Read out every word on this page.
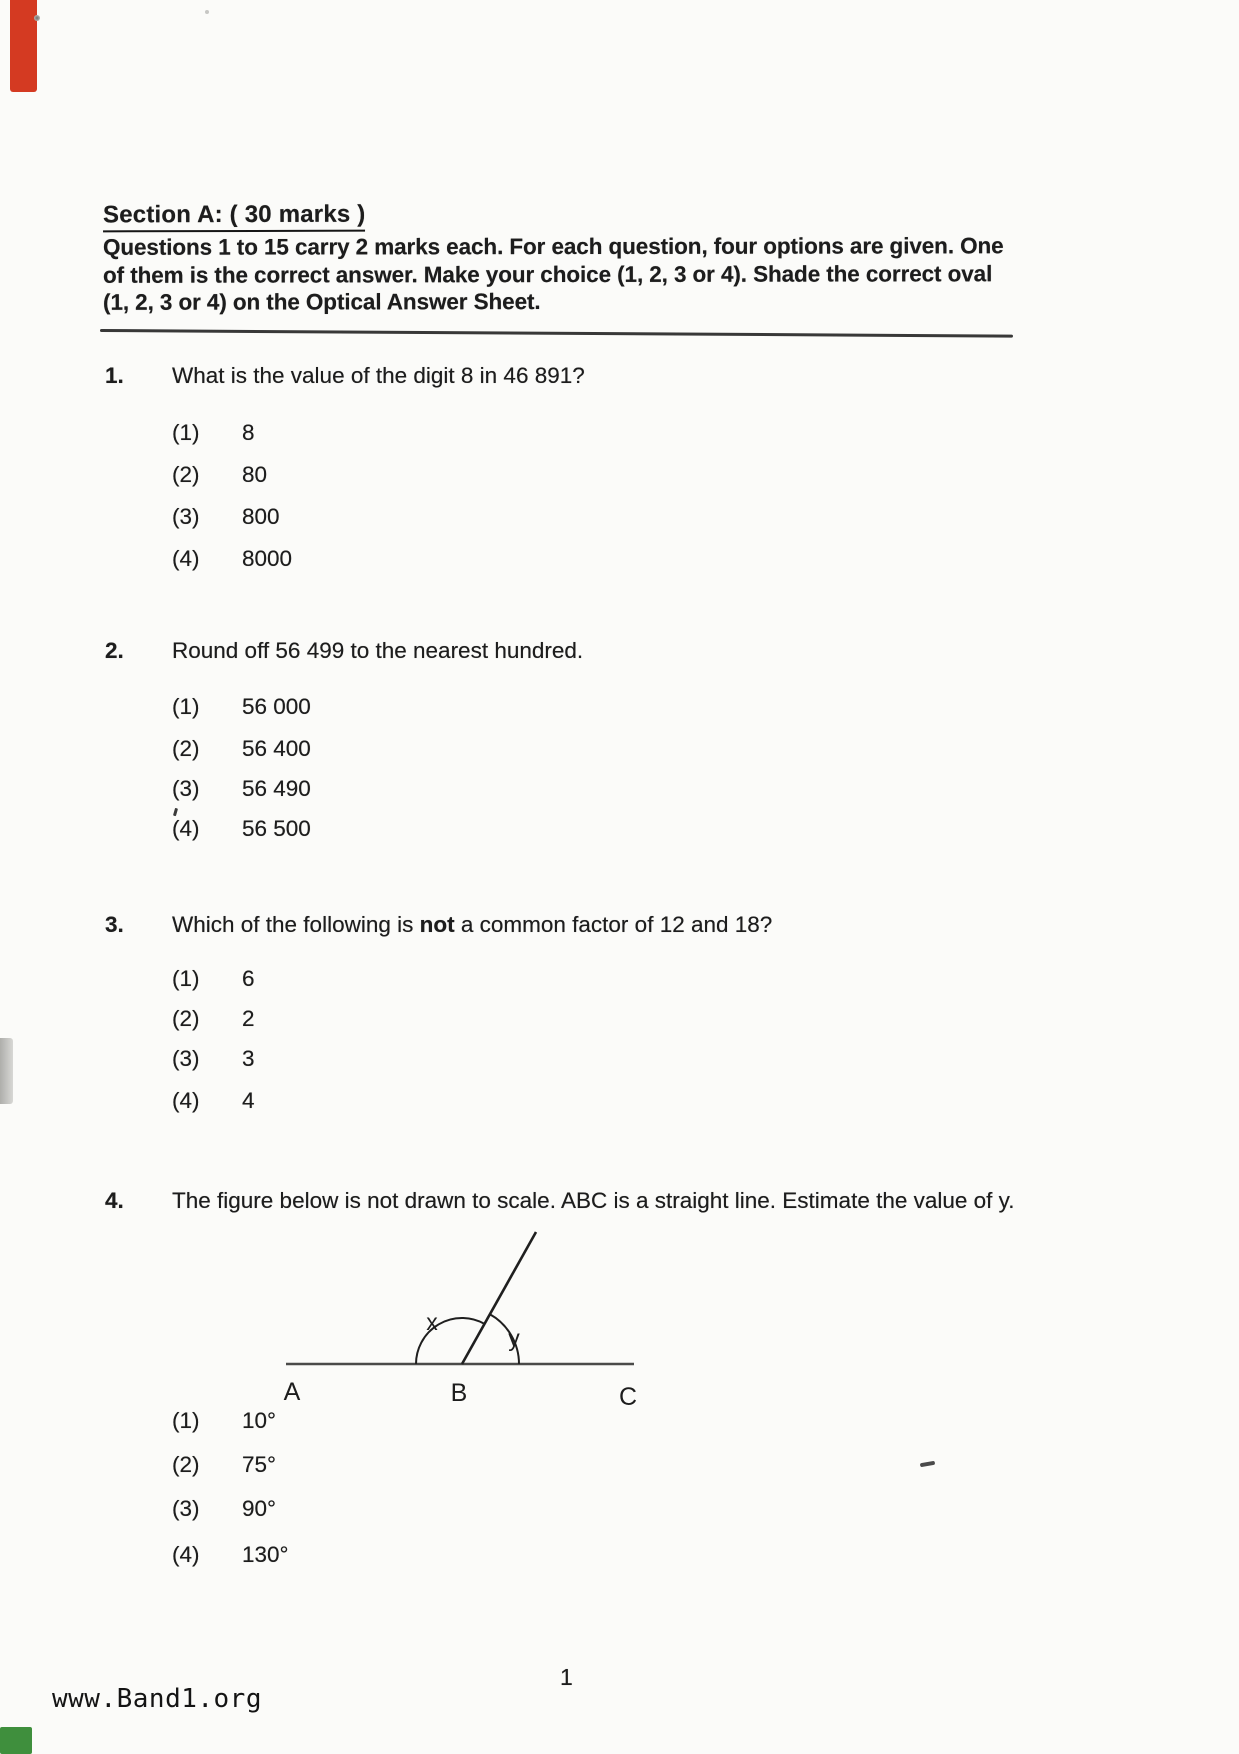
Section A: ( 30 marks )
Questions 1 to 15 carry 2 marks each. For each question, four options are given. One
of them is the correct answer. Make your choice (1, 2, 3 or 4). Shade the correct oval
(1, 2, 3 or 4) on the Optical Answer Sheet.
1. What is the value of the digit 8 in 46 891?
(1) 8
(2) 80
(3) 800
(4) 8000
2. Round off 56 499 to the nearest hundred.
(1) 56 000
(2) 56 400
(3) 56 490
(4) 56 500
3. Which of the following is not a common factor of 12 and 18?
(1) 6
(2) 2
(3) 3
(4) 4
4. The figure below is not drawn to scale. ABC is a straight line. Estimate the value of y.
x
y
A	B	C
(1) 10°
(2) 75°
(3) 90°
(4) 130°
1
www.Band1.org
